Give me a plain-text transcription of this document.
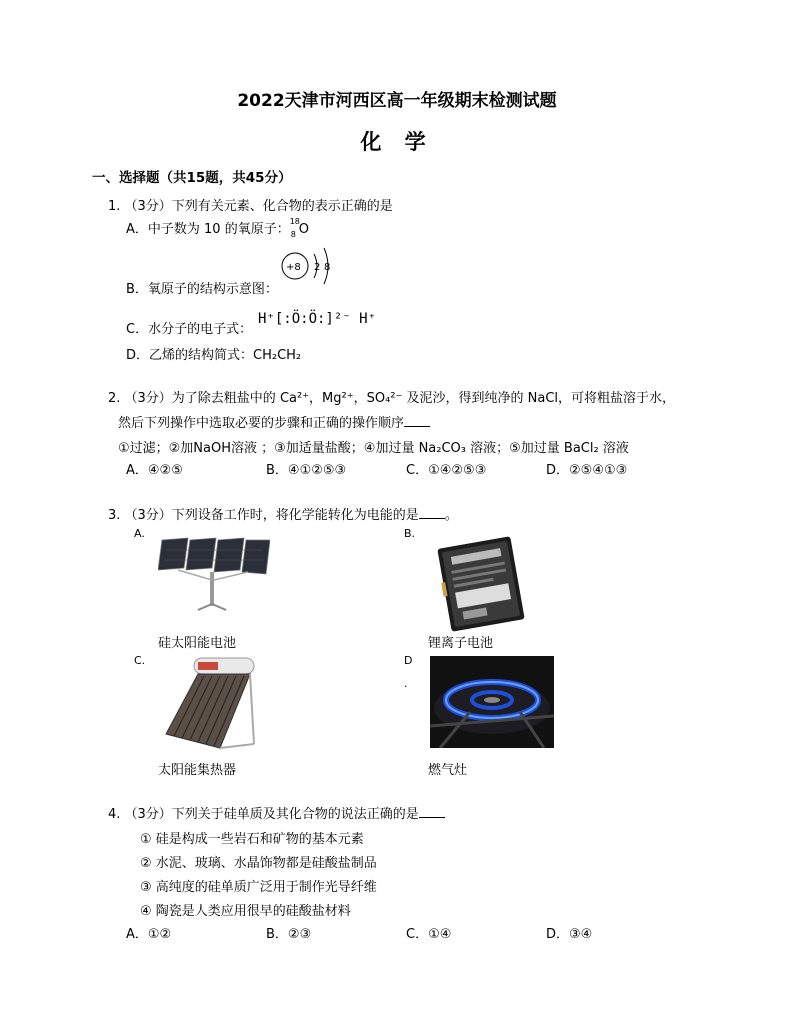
2022天津市河西区高一年级期末检测试题
化 学
一、选择题（共15题，共45分）
1. （3分）下列有关元素、化合物的表示正确的是
A．中子数为 10 的氧原子：
18
8 O
+8 2 8
B．氧原子的结构示意图：
C．水分子的电子式：
H⁺[:Ö:Ö:]²⁻ H⁺
D．乙烯的结构简式：CH₂CH₂
2. （3分）为了除去粗盐中的 Ca²⁺，Mg²⁺，SO₄²⁻ 及泥沙，得到纯净的 NaCl，可将粗盐溶于水，
然后下列操作中选取必要的步骤和正确的操作顺序
①过滤；②加NaOH溶液 ；③加适量盐酸；④加过量 Na₂CO₃ 溶液；⑤加过量 BaCl₂ 溶液
A．④②⑤	B．④①②⑤③	C．①④②⑤③	D．②⑤④①③
3. （3分）下列设备工作时，将化学能转化为电能的是 。
A.	B.
C.	D
.
硅太阳能电池	锂离子电池
太阳能集热器	燃气灶
4. （3分）下列关于硅单质及其化合物的说法正确的是
① 硅是构成一些岩石和矿物的基本元素
② 水泥、玻璃、水晶饰物都是硅酸盐制品
③ 高纯度的硅单质广泛用于制作光导纤维
④ 陶瓷是人类应用很早的硅酸盐材料
A．①②	B．②③	C．①④	D．③④
